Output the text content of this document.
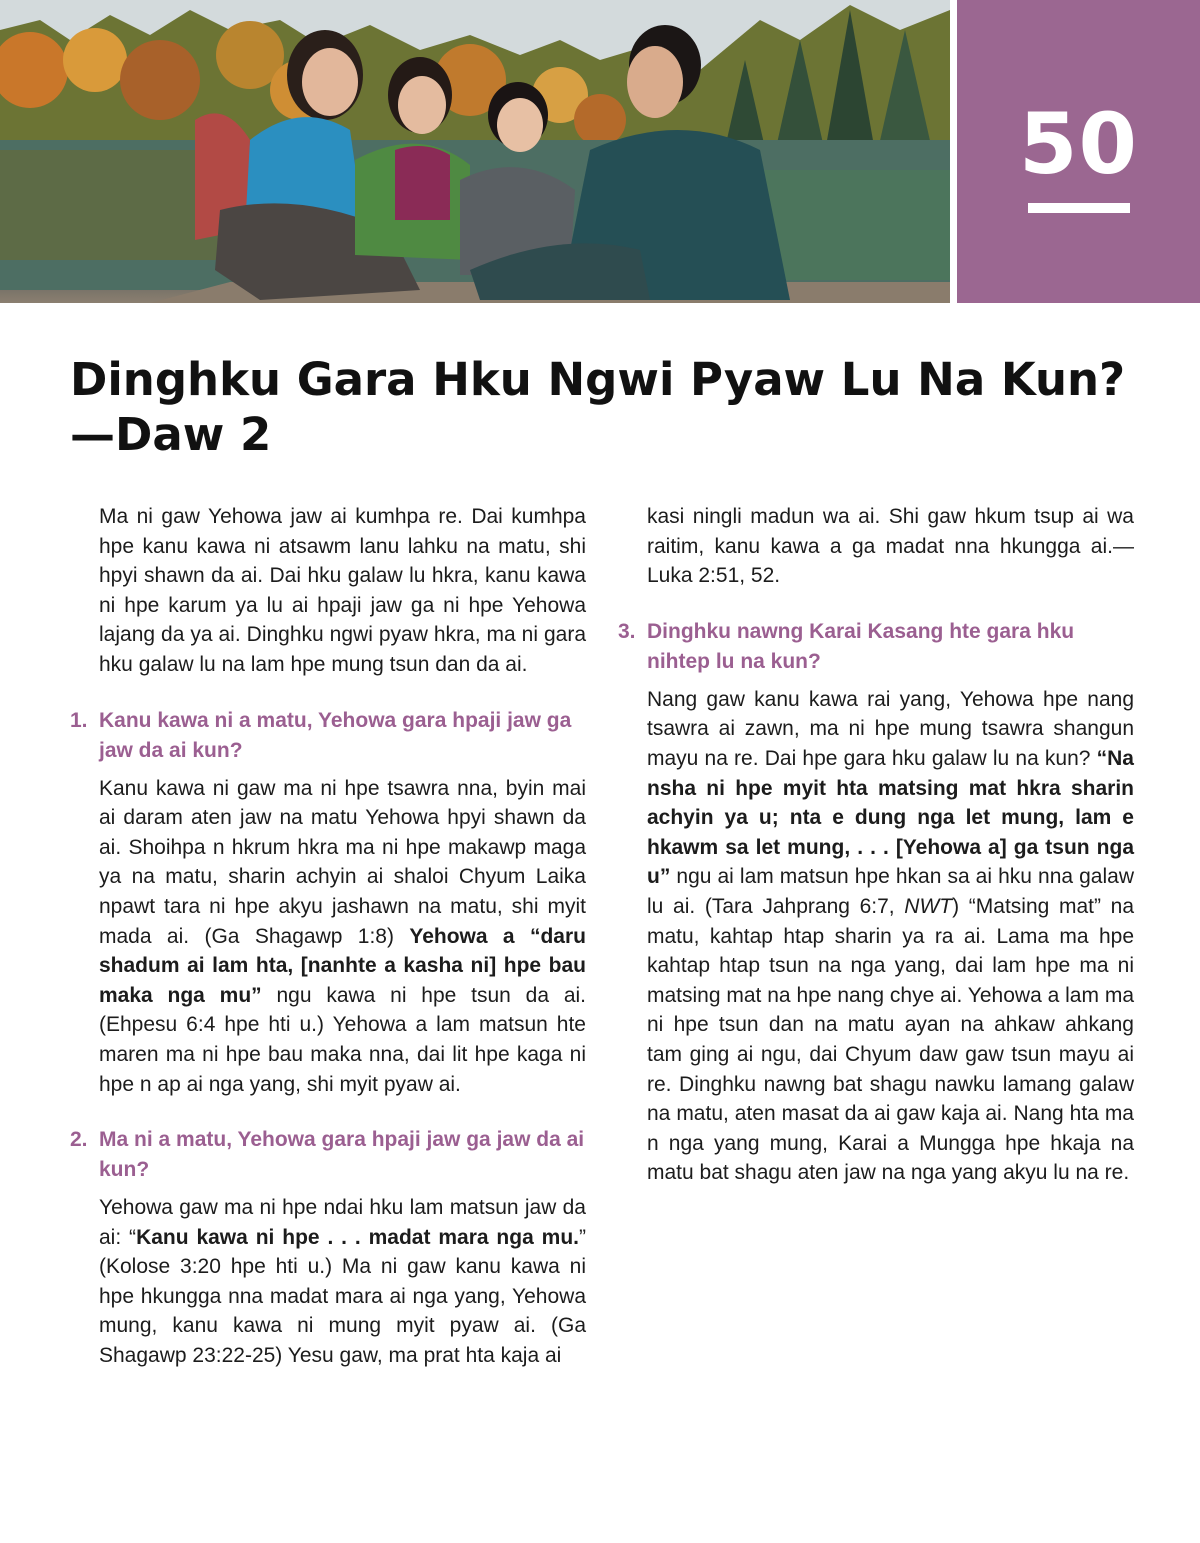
50
Dinghku Gara Hku Ngwi Pyaw Lu Na Kun?
—Daw 2

Ma ni gaw Yehowa jaw ai kumhpa re. Dai kumhpa hpe kanu kawa ni atsawm lanu lahku na matu, shi hpyi shawn da ai. Dai hku galaw lu hkra, kanu kawa ni hpe karum ya lu ai hpaji jaw ga ni hpe Yehowa lajang da ya ai. Dinghku ngwi pyaw hkra, ma ni gara hku galaw lu na lam hpe mung tsun dan da ai.

1. Kanu kawa ni a matu, Yehowa gara hpaji jaw ga jaw da ai kun?

Kanu kawa ni gaw ma ni hpe tsawra nna, byin mai ai daram aten jaw na matu Yehowa hpyi shawn da ai. Shoihpa n hkrum hkra ma ni hpe makawp maga ya na matu, sharin achyin ai shaloi Chyum Laika npawt tara ni hpe akyu jashawn na matu, shi myit mada ai. (Ga Shagawp 1:8) Yehowa a “daru shadum ai lam hta, [nanhte a kasha ni] hpe bau maka nga mu” ngu kawa ni hpe tsun da ai. (Ehpesu 6:4 hpe hti u.) Yehowa a lam matsun hte maren ma ni hpe bau maka nna, dai lit hpe kaga ni hpe n ap ai nga yang, shi myit pyaw ai.

2. Ma ni a matu, Yehowa gara hpaji jaw ga jaw da ai kun?

Yehowa gaw ma ni hpe ndai hku lam matsun jaw da ai: “Kanu kawa ni hpe . . . madat mara nga mu.” (Kolose 3:20 hpe hti u.) Ma ni gaw kanu kawa ni hpe hkungga nna madat mara ai nga yang, Yehowa mung, kanu kawa ni mung myit pyaw ai. (Ga Shagawp 23:22-25) Yesu gaw, ma prat hta kaja ai

kasi ningli madun wa ai. Shi gaw hkum tsup ai wa raitim, kanu kawa a ga madat nna hkungga ai.—Luka 2:51, 52.

3. Dinghku nawng Karai Kasang hte gara hku nihtep lu na kun?

Nang gaw kanu kawa rai yang, Yehowa hpe nang tsawra ai zawn, ma ni hpe mung tsawra shangun mayu na re. Dai hpe gara hku galaw lu na kun? “Na nsha ni hpe myit hta matsing mat hkra sharin achyin ya u; nta e dung nga let mung, lam e hkawm sa let mung, . . . [Yehowa a] ga tsun nga u” ngu ai lam matsun hpe hkan sa ai hku nna galaw lu ai. (Tara Jahprang 6:7, NWT) “Matsing mat” na matu, kahtap htap sharin ya ra ai. Lama ma hpe kahtap htap tsun na nga yang, dai lam hpe ma ni matsing mat na hpe nang chye ai. Yehowa a lam ma ni hpe tsun dan na matu ayan na ahkaw ahkang tam ging ai ngu, dai Chyum daw gaw tsun mayu ai re. Dinghku nawng bat shagu nawku lamang galaw na matu, aten masat da ai gaw kaja ai. Nang hta ma n nga yang mung, Karai a Mungga hpe hkaja na matu bat shagu aten jaw na nga yang akyu lu na re.
